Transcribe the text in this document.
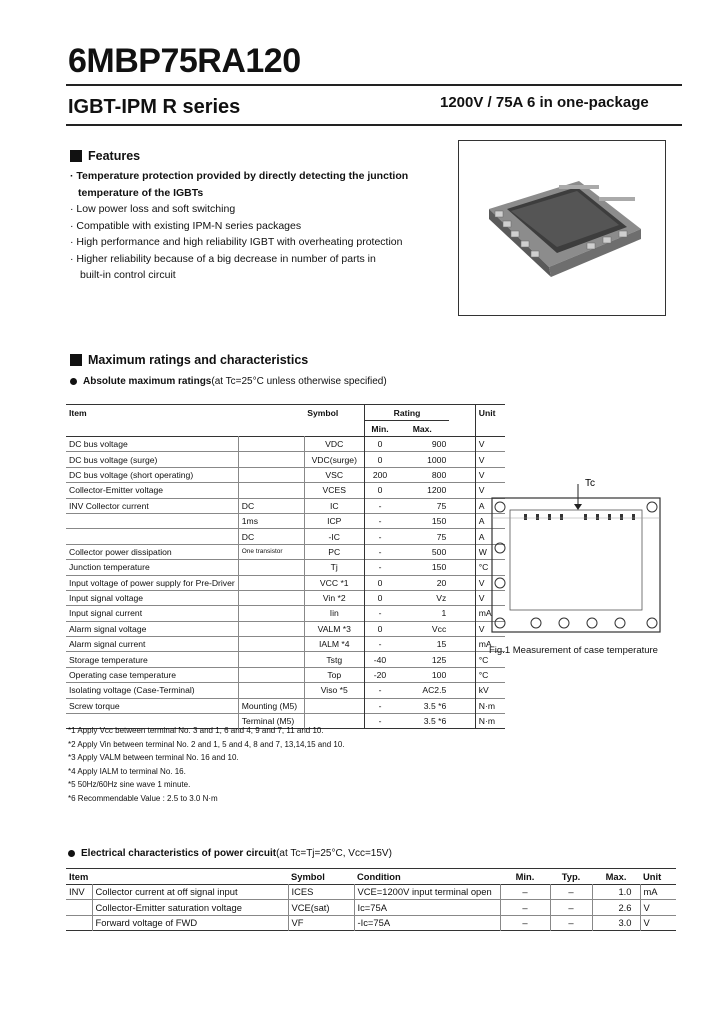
6MBP75RA120
IGBT-IPM R series	1200V / 75A 6 in one-package
Features
· Temperature protection provided by directly detecting the junction
temperature of the IGBTs
· Low power loss and soft switching
· Compatible with existing IPM-N series packages
· High performance and high reliability IGBT with overheating protection
· Higher reliability because of a big decrease in number of parts in
built-in control circuit
Maximum ratings and characteristics
Absolute maximum ratings (at Tc=25°C unless otherwise specified)
Item		Symbol	Rating			Unit
			Min.	Max.		
DC bus voltage		VDC	0	900		V
DC bus voltage (surge)		VDC(surge)	0	1000		V
DC bus voltage (short operating)		VSC	200	800		V
Collector-Emitter voltage		VCES	0	1200		V
INV Collector current	DC	IC	-	75		A
	1ms	ICP	-	150		A
	DC	-IC	-	75		A
Collector power dissipation	One transistor	PC	-	500		W
Junction temperature		Tj	-	150		°C
Input voltage of power supply for Pre-Driver		VCC *1	0	20		V
Input signal voltage		Vin *2	0	Vz		V
Input signal current		Iin	-	1		mA
Alarm signal voltage		VALM *3	0	Vcc		V
Alarm signal current		IALM *4	-	15		mA
Storage temperature		Tstg	-40	125		°C
Operating case temperature		Top	-20	100		°C
Isolating voltage (Case-Terminal)		Viso *5	-	AC2.5		kV
Screw torque	Mounting (M5)		-	3.5 *6		N·m
	Terminal (M5)		-	3.5 *6		N·m
*1 Apply Vcc between terminal No. 3 and 1, 6 and 4, 9 and 7, 11 and 10.
*2 Apply Vin between terminal No. 2 and 1, 5 and 4, 8 and 7, 13,14,15 and 10.
*3 Apply VALM between terminal No. 16 and 10.
*4 Apply IALM to terminal No. 16.
*5 50Hz/60Hz sine wave 1 minute.
*6 Recommendable Value : 2.5 to 3.0 N·m
Tc
Fig.1 Measurement of case temperature
Electrical characteristics of power circuit (at Tc=Tj=25°C, Vcc=15V)
Item		Symbol	Condition	Min.	Typ.	Max.	Unit
INV	Collector current at off signal input	ICES	VCE=1200V input terminal open	–	–	1.0	mA
	Collector-Emitter saturation voltage	VCE(sat)	Ic=75A	–	–	2.6	V
	Forward voltage of FWD	VF	-Ic=75A	–	–	3.0	V
